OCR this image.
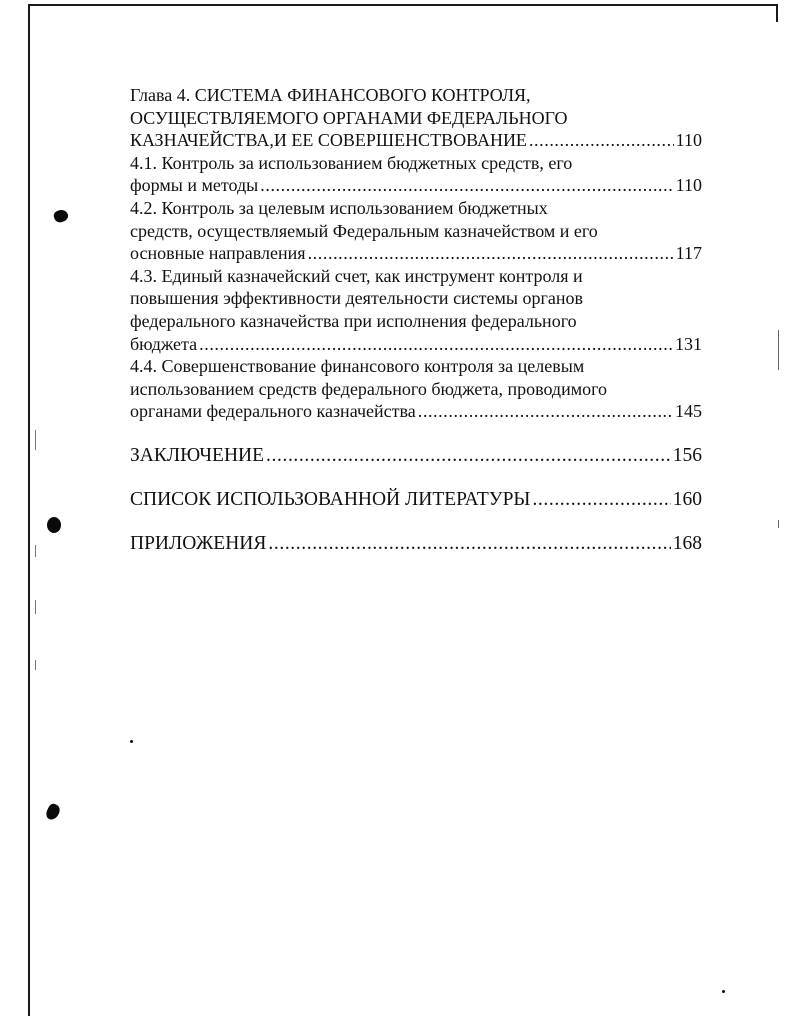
Глава 4. СИСТЕМА ФИНАНСОВОГО КОНТРОЛЯ,
ОСУЩЕСТВЛЯЕМОГО ОРГАНАМИ ФЕДЕРАЛЬНОГО
КАЗНАЧЕЙСТВА,И ЕЕ СОВЕРШЕНСТВОВАНИЕ .....	110
4.1. Контроль за использованием бюджетных средств, его
формы и методы .....	110
4.2. Контроль за целевым использованием бюджетных
средств, осуществляемый Федеральным казначейством и его
основные направления .....	117
4.3. Единый казначейский счет, как инструмент контроля и
повышения эффективности деятельности системы органов
федерального казначейства при исполнения федерального
бюджета .....	131
4.4. Совершенствование финансового контроля за целевым
использованием средств федерального бюджета, проводимого
органами федерального казначейства .....	145
ЗАКЛЮЧЕНИЕ .....	156
СПИСОК ИСПОЛЬЗОВАННОЙ ЛИТЕРАТУРЫ .....	160
ПРИЛОЖЕНИЯ .....	168
